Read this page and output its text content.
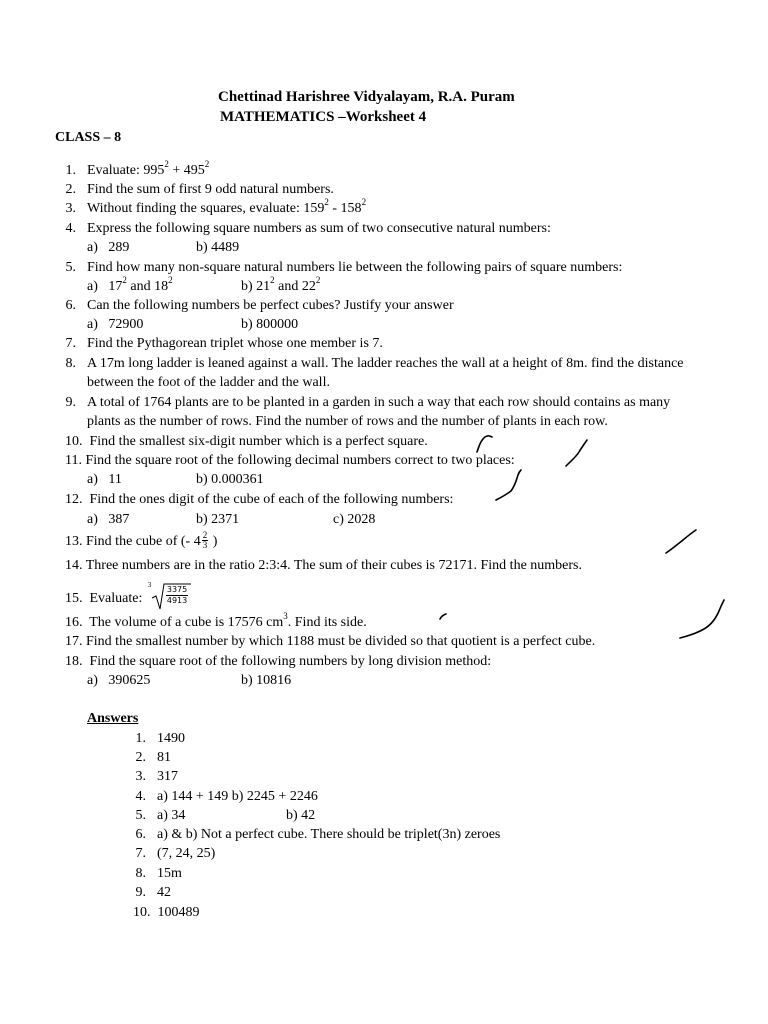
Chettinad Harishree Vidyalayam, R.A. Puram
MATHEMATICS –Worksheet 4
CLASS – 8
1. Evaluate: $995^2 + 495^2$
2. Find the sum of first 9 odd natural numbers.
3. Without finding the squares, evaluate: $159^2 - 158^2$
4. Express the following square numbers as sum of two consecutive natural numbers:
a)   289	b) 4489
5. Find how many non-square natural numbers lie between the following pairs of square numbers:
a)   $17^2$ and $18^2$	b) $21^2$ and $22^2$
6. Can the following numbers be perfect cubes? Justify your answer
a)   72900	b) 800000
7. Find the Pythagorean triplet whose one member is 7.
8. A 17m long ladder is leaned against a wall. The ladder reaches the wall at a height of 8m. find the distance
between the foot of the ladder and the wall.
9. A total of 1764 plants are to be planted in a garden in such a way that each row should contains as many
plants as the number of rows. Find the number of rows and the number of plants in each row.
10. Find the smallest six-digit number which is a perfect square.
11. Find the square root of the following decimal numbers correct to two places:
a)   11	b) 0.000361
12. Find the ones digit of the cube of each of the following numbers:
a)   387	b) 2371	c) 2028
13. Find the cube of (- $4 \frac{2}{3}$ )
14. Three numbers are in the ratio 2:3:4. The sum of their cubes is 72171. Find the numbers.
15. Evaluate:
3 3375
4913
16. The volume of a cube is 17576 $cm^3$. Find its side.
17. Find the smallest number by which 1188 must be divided so that quotient is a perfect cube.
18. Find the square root of the following numbers by long division method:
a)   390625	b) 10816
Answers
1. 1490
2. 81
3. 317
4. a) 144 + 149 b) 2245 + 2246
5. a) 34	b) 42
6. a) & b) Not a perfect cube. There should be triplet(3n) zeroes
7. (7, 24, 25)
8. 15m
9. 42
10. 100489
